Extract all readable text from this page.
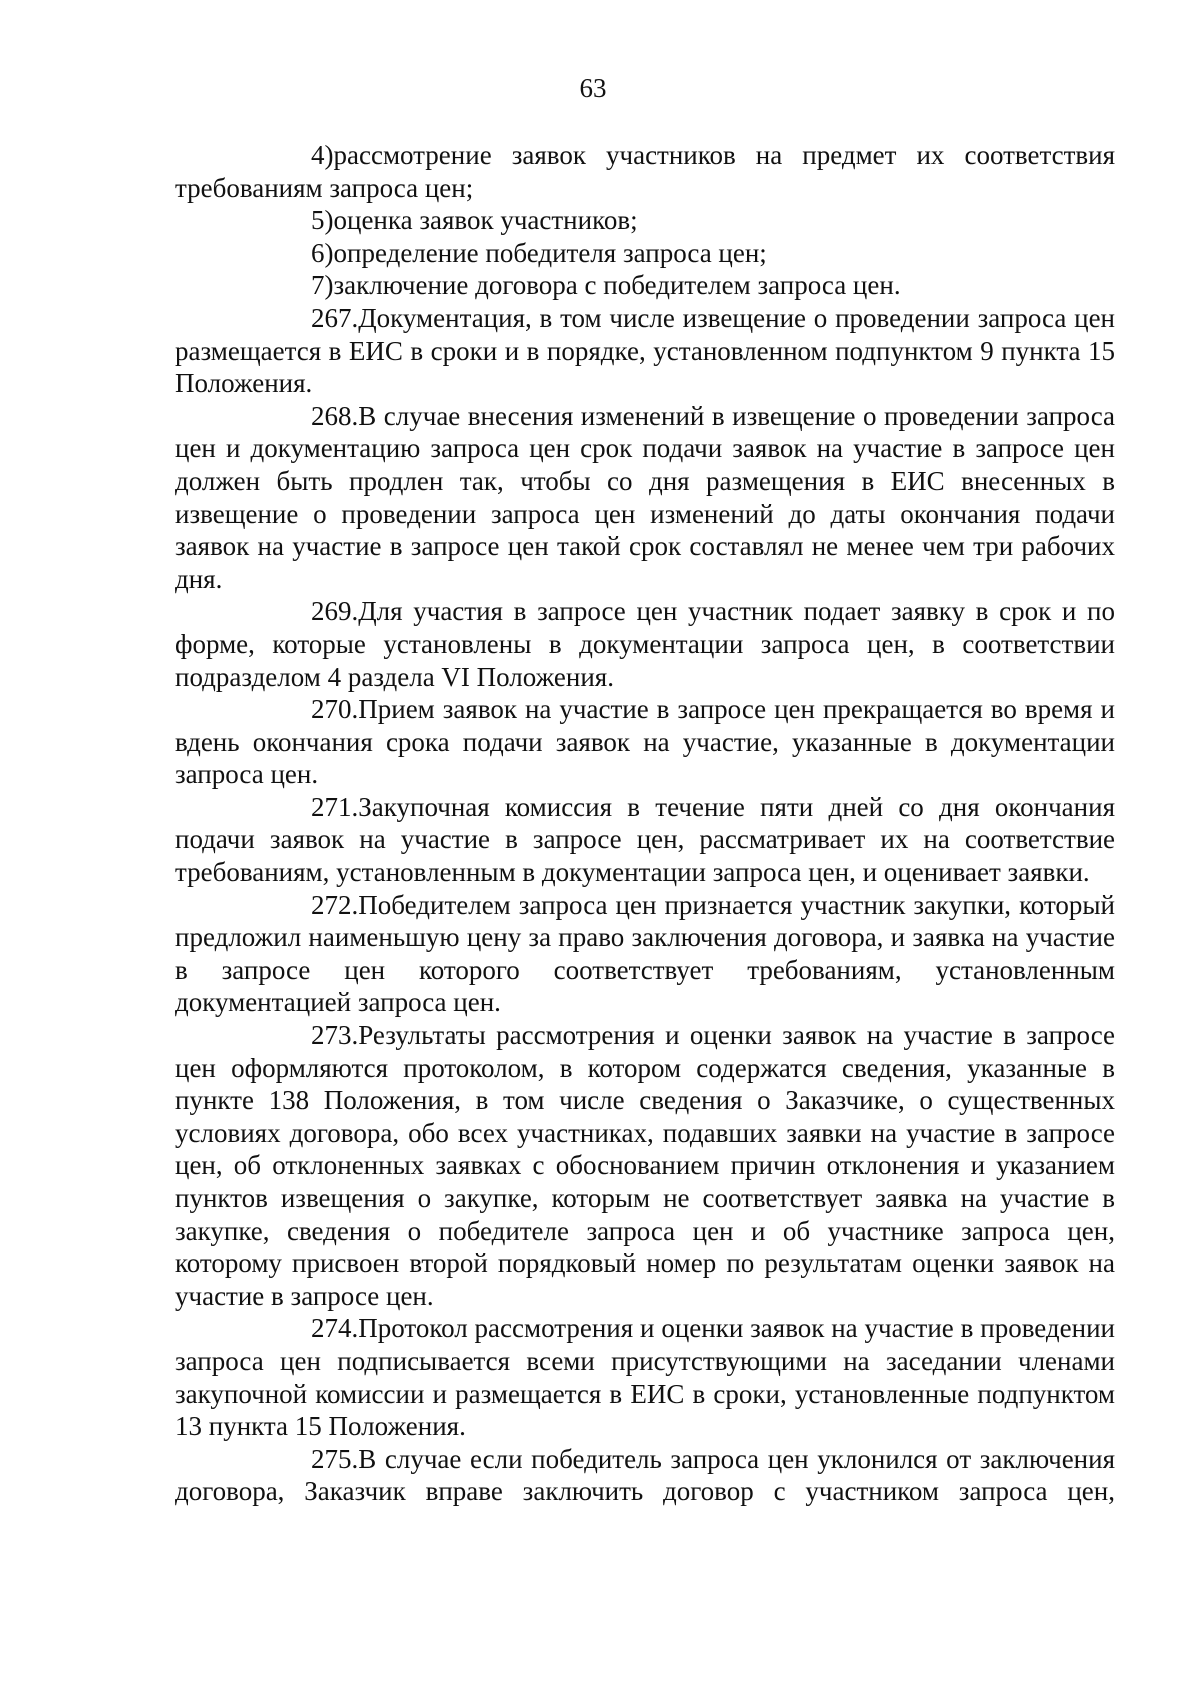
63

4)рассмотрение заявок участников на предмет их соответствия требованиям запроса цен;

5)оценка заявок участников;

6)определение победителя запроса цен;

7)заключение договора с победителем запроса цен.

267.Документация, в том числе извещение о проведении запроса цен размещается в ЕИС в сроки и в порядке, установленном подпунктом 9 пункта 15 Положения.

268.В случае внесения изменений в извещение о проведении запроса цен и документацию запроса цен срок подачи заявок на участие в запросе цен должен быть продлен так, чтобы со дня размещения в ЕИС внесенных в извещение о проведении запроса цен изменений до даты окончания подачи заявок на участие в запросе цен такой срок составлял не менее чем три рабочих дня.

269.Для участия в запросе цен участник подает заявку в срок и по форме, которые установлены в документации запроса цен, в соответствии подразделом 4 раздела VI Положения.

270.Прием заявок на участие в запросе цен прекращается во время и вдень окончания срока подачи заявок на участие, указанные в документации запроса цен.

271.Закупочная комиссия в течение пяти дней со дня окончания подачи заявок на участие в запросе цен, рассматривает их на соответствие требованиям, установленным в документации запроса цен, и оценивает заявки.

272.Победителем запроса цен признается участник закупки, который предложил наименьшую цену за право заключения договора, и заявка на участие в запросе цен которого соответствует требованиям, установленным документацией запроса цен.

273.Результаты рассмотрения и оценки заявок на участие в запросе цен оформляются протоколом, в котором содержатся сведения, указанные в пункте 138 Положения, в том числе сведения о Заказчике, о существенных условиях договора, обо всех участниках, подавших заявки на участие в запросе цен, об отклоненных заявках с обоснованием причин отклонения и указанием пунктов извещения о закупке, которым не соответствует заявка на участие в закупке, сведения о победителе запроса цен и об участнике запроса цен, которому присвоен второй порядковый номер по результатам оценки заявок на участие в запросе цен.

274.Протокол рассмотрения и оценки заявок на участие в проведении запроса цен подписывается всеми присутствующими на заседании членами закупочной комиссии и размещается в ЕИС в сроки, установленные подпунктом 13 пункта 15 Положения.

275.В случае если победитель запроса цен уклонился от заключения договора, Заказчик вправе заключить договор с участником запроса цен,
